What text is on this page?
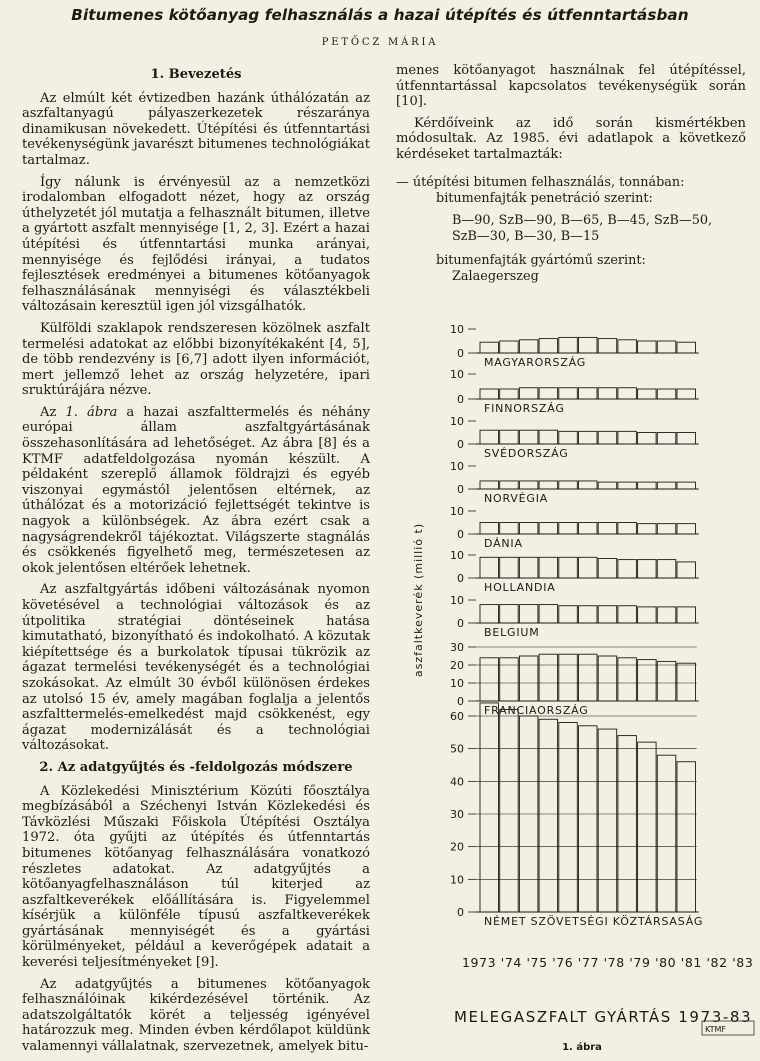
Bitumenes kötőanyag felhasználás a hazai útépítés és útfenntartásban
PETŐCZ MÁRIA
1. Bevezetés

Az elmúlt két évtizedben hazánk úthálózatán az aszfaltanyagú pályaszerkezetek részaránya dinamikusan növekedett. Útépítési és útfenntartási tevékenységünk javarészt bitumenes technológiákat tartalmaz.

Így nálunk is érvényesül az a nemzetközi irodalomban elfogadott nézet, hogy az ország úthelyzetét jól mutatja a felhasznált bitumen, illetve a gyártott aszfalt mennyisége [1, 2, 3]. Ezért a hazai útépítési és útfenntartási munka arányai, mennyisége és fejlődési irányai, a tudatos fejlesztések eredményei a bitumenes kötőanyagok felhasználásának mennyiségi és választékbeli változásain keresztül igen jól vizsgálhatók.

Külföldi szaklapok rendszeresen közölnek aszfalt termelési adatokat az előbbi bizonyítékaként [4, 5], de több rendezvény is [6,7] adott ilyen információt, mert jellemző lehet az ország helyzetére, ipari sruktúrájára nézve.

Az 1. ábra a hazai aszfalttermelés és néhány európai állam aszfaltgyártásának összehasonlítására ad lehetőséget. Az ábra [8] és a KTMF adatfeldolgozása nyomán készült. A példaként szereplő államok földrajzi és egyéb viszonyai egymástól jelentősen eltérnek, az úthálózat és a motorizáció fejlettségét tekintve is nagyok a különbségek. Az ábra ezért csak a nagyságrendekről tájékoztat. Világszerte stagnálás és csökkenés figyelhető meg, természetesen az okok jelentősen eltérőek lehetnek.

Az aszfaltgyártás időbeni változásának nyomon követésével a technológiai változások és az útpolitika stratégiai döntéseinek hatása kimutatható, bizonyítható és indokolható. A közutak kiépítettsége és a burkolatok típusai tükrözik az ágazat termelési tevékenységét és a technológiai szokásokat. Az elmúlt 30 évből különösen érdekes az utolsó 15 év, amely magában foglalja a jelentős aszfalttermelés-emelkedést majd csökkenést, egy ágazat modernizálását és a technológiai változásokat.

2. Az adatgyűjtés és -feldolgozás módszere

A Közlekedési Minisztérium Közúti főosztálya megbízásából a Széchenyi István Közlekedési és Távközlési Műszaki Főiskola Útépítési Osztálya 1972. óta gyűjti az útépítés és útfenntartás bitumenes kötőanyag felhasználására vonatkozó részletes adatokat. Az adatgyűjtés a kötőanyagfelhasználáson túl kiterjed az aszfaltkeverékek előállítására is. Figyelemmel kísérjük a különféle típusú aszfaltkeverékek gyártásának mennyiségét és a gyártási körülményeket, például a keverőgépek adatait a keverési teljesítményeket [9].

Az adatgyűjtés a bitumenes kötőanyagok felhasználóinak kikérdezésével történik. Az adatszolgáltatók körét a teljesség igényével határozzuk meg. Minden évben kérdőlapot küldünk valamennyi vállalatnak, szervezetnek, amelyek bitu-

menes kötőanyagot használnak fel útépítéssel, útfenntartással kapcsolatos tevékenységük során [10].

Kérdőíveink az idő során kismértékben módosultak. Az 1985. évi adatlapok a következő kérdéseket tartalmazták:

— útépítési bitumen felhasználás, tonnában:
bitumenfajták penetráció szerint:
B—90, SzB—90, B—65, B—45, SzB—50,
SzB—30, B—30, B—15
bitumenfajták gyártómű szerint:
Zalaegerszeg
aszfaltkeverék (millió t)
0
10
MAGYARORSZÁG
0
10
FINNORSZÁG
0
10
SVÉDORSZÁG
0
10
NORVÉGIA
0
10
DÁNIA
0
10
HOLLANDIA
0
10
BELGIUM
0
10
20
30
FRANCIAORSZÁG
0
10
20
30
40
50
60
NÉMET SZÖVETSÉGI KÖZTÁRSASÁG
1973 '74 '75 '76 '77 '78 '79 '80 '81 '82 '83
MELEGASZFALT GYÁRTÁS 1973-83
KTMF
1. ábra
